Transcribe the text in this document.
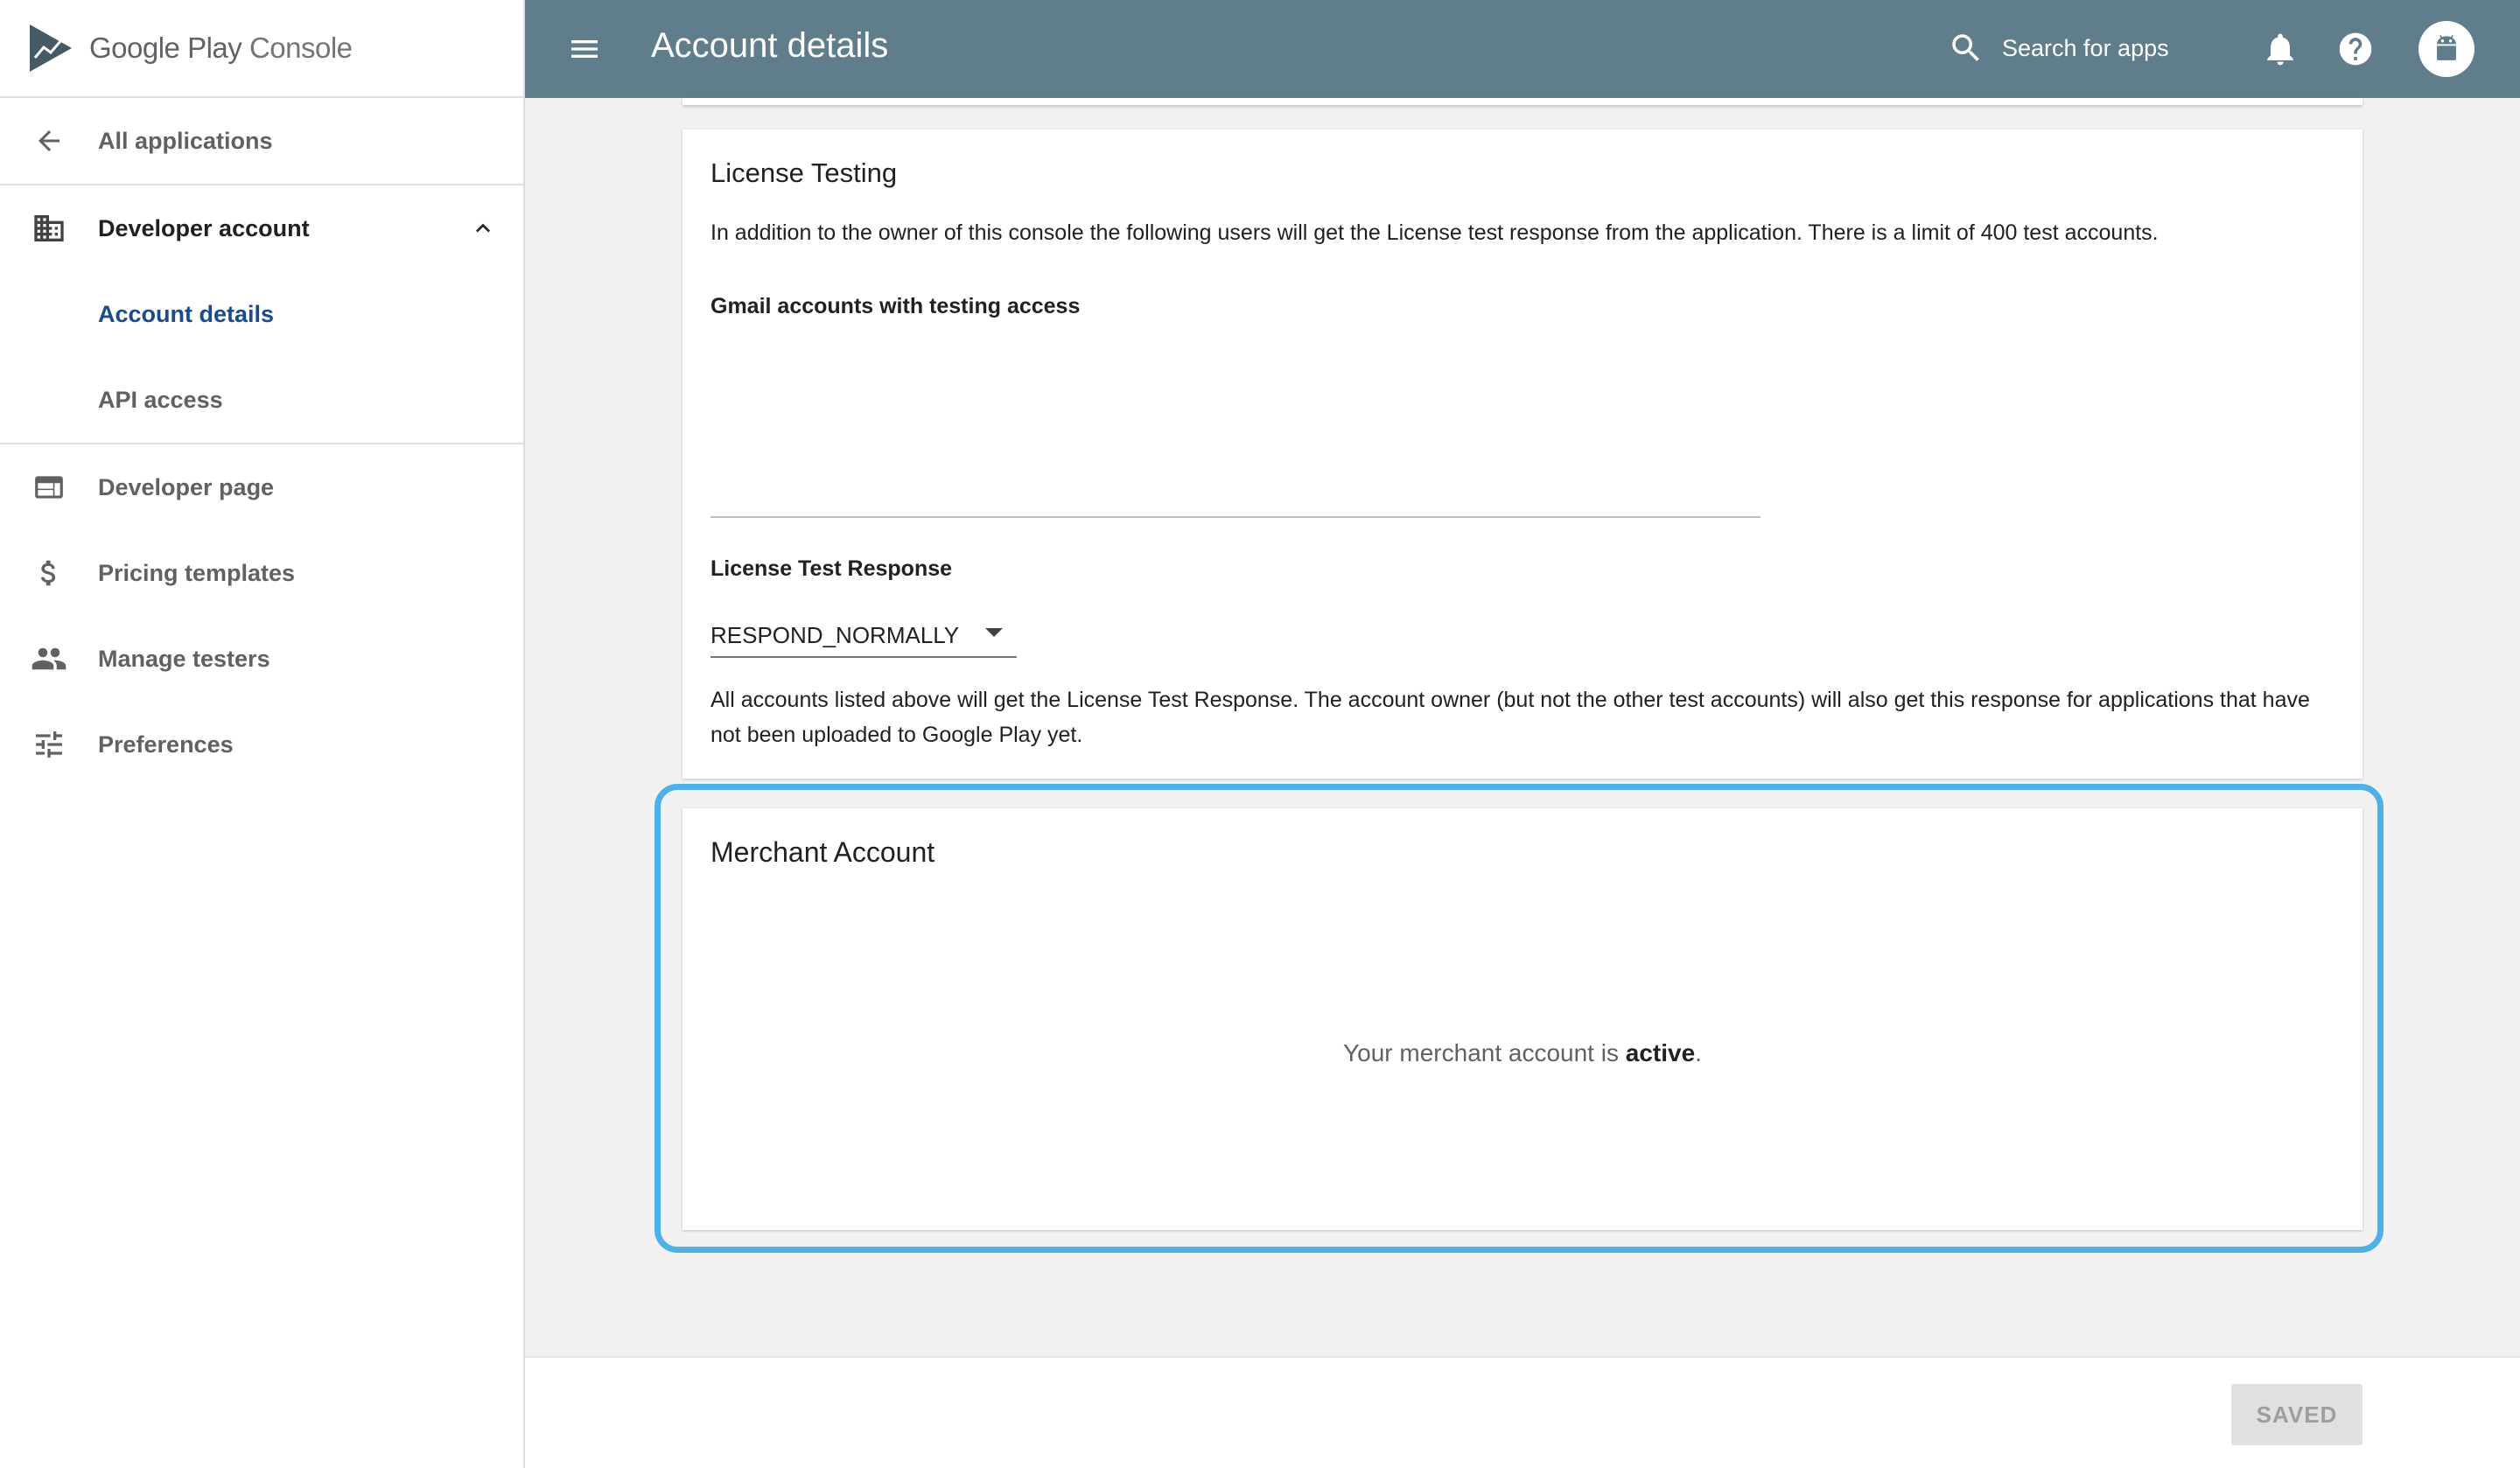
Google Play Console
All applications
Developer account
Account details
API access
Developer page
Pricing templates
Manage testers
Preferences
Account details	Search for apps
License Testing
In addition to the owner of this console the following users will get the License test response from the application. There is a limit of 400 test accounts.
Gmail accounts with testing access
License Test Response
RESPOND_NORMALLY
All accounts listed above will get the License Test Response. The account owner (but not the other test accounts) will also get this response for applications that have not been uploaded to Google Play yet.
Merchant Account
Your merchant account is active.
SAVED
